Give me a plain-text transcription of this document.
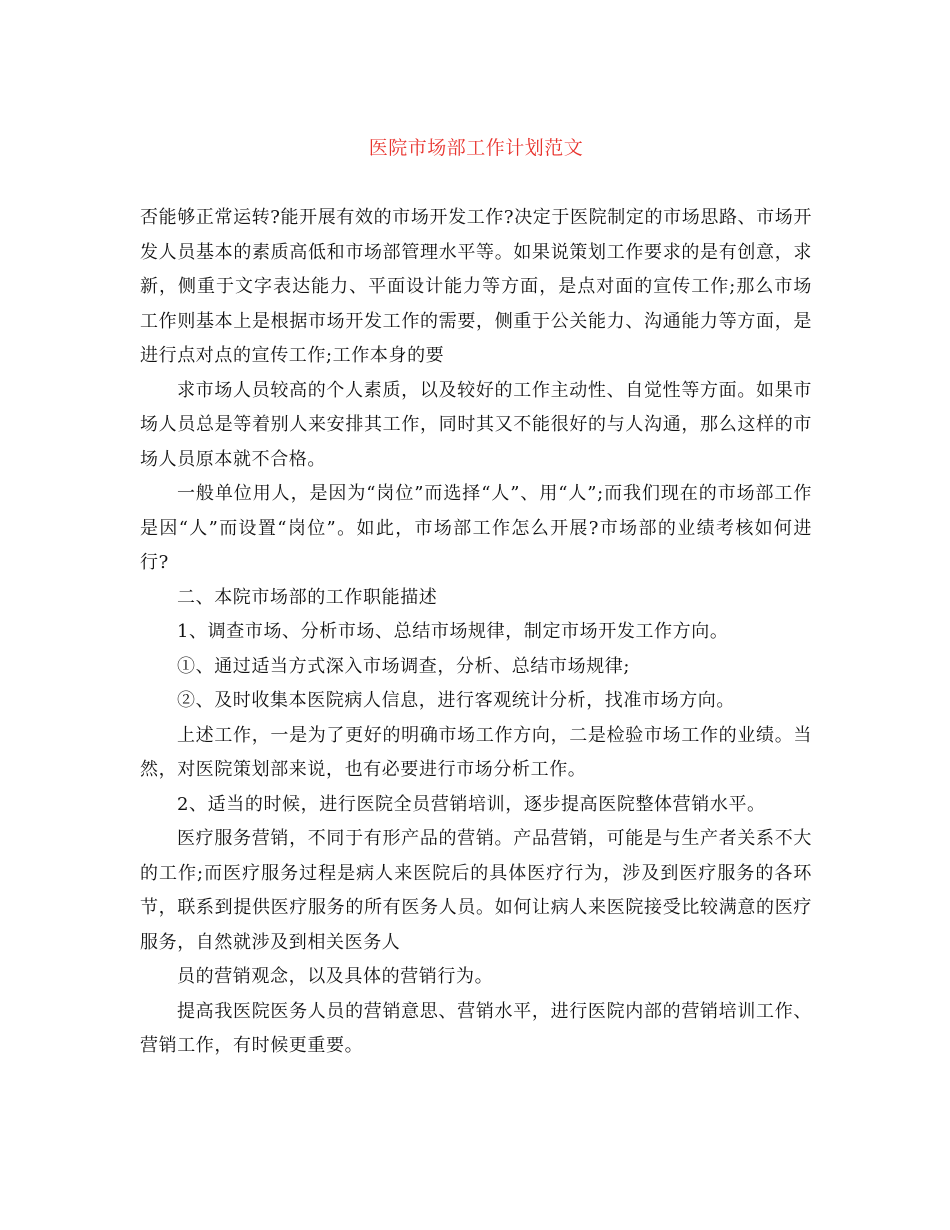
医院市场部工作计划范文

否能够正常运转?能开展有效的市场开发工作?决定于医院制定的市场思路、市场开发人员基本的素质高低和市场部管理水平等。如果说策划工作要求的是有创意，求新，侧重于文字表达能力、平面设计能力等方面，是点对面的宣传工作;那么市场工作则基本上是根据市场开发工作的需要，侧重于公关能力、沟通能力等方面，是进行点对点的宣传工作;工作本身的要

求市场人员较高的个人素质，以及较好的工作主动性、自觉性等方面。如果市场人员总是等着别人来安排其工作，同时其又不能很好的与人沟通，那么这样的市场人员原本就不合格。

一般单位用人，是因为“岗位”而选择“人”、用“人”;而我们现在的市场部工作是因“人”而设置“岗位”。如此，市场部工作怎么开展?市场部的业绩考核如何进行?

二、本院市场部的工作职能描述

1、调查市场、分析市场、总结市场规律，制定市场开发工作方向。

①、通过适当方式深入市场调查，分析、总结市场规律;

②、及时收集本医院病人信息，进行客观统计分析，找准市场方向。

上述工作，一是为了更好的明确市场工作方向，二是检验市场工作的业绩。当然，对医院策划部来说，也有必要进行市场分析工作。

2、适当的时候，进行医院全员营销培训，逐步提高医院整体营销水平。

医疗服务营销，不同于有形产品的营销。产品营销，可能是与生产者关系不大的工作;而医疗服务过程是病人来医院后的具体医疗行为，涉及到医疗服务的各环节，联系到提供医疗服务的所有医务人员。如何让病人来医院接受比较满意的医疗服务，自然就涉及到相关医务人

员的营销观念，以及具体的营销行为。

提高我医院医务人员的营销意思、营销水平，进行医院内部的营销培训工作、营销工作，有时候更重要。
